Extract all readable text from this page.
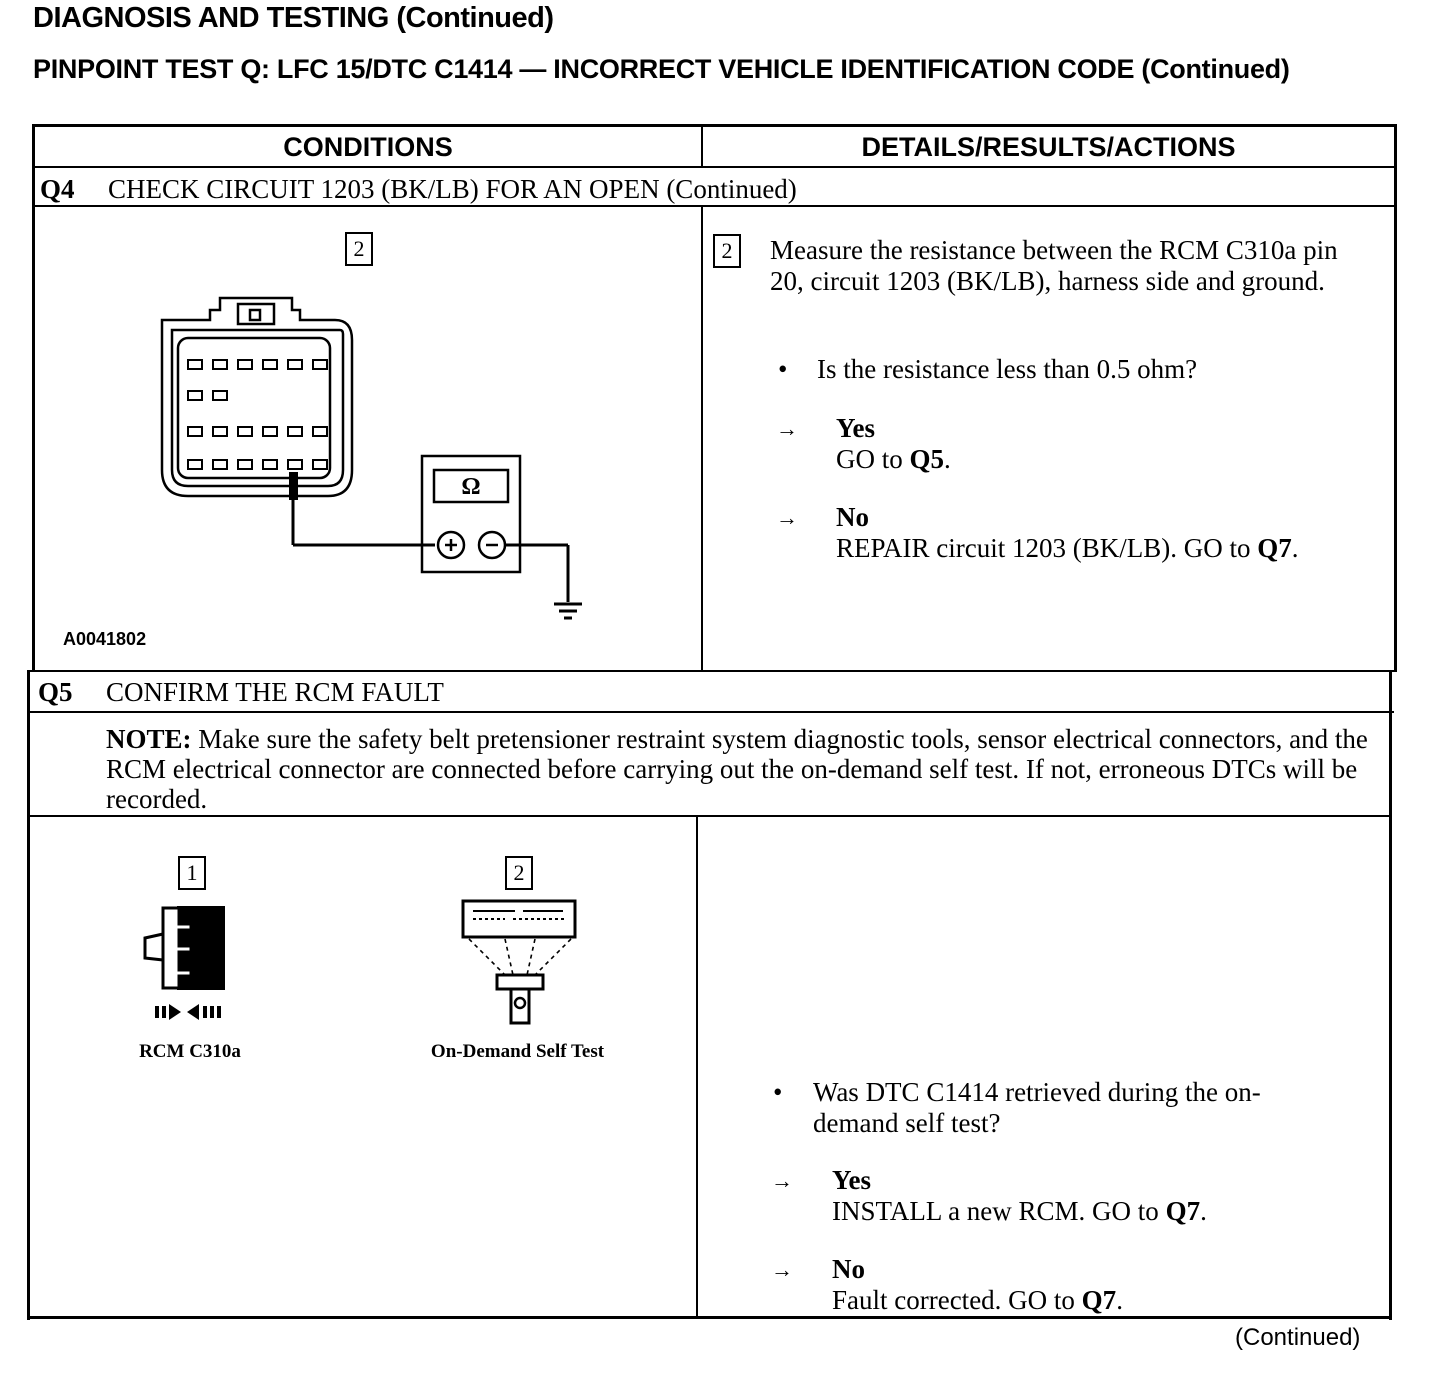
DIAGNOSIS AND TESTING (Continued)
PINPOINT TEST Q: LFC 15/DTC C1414 — INCORRECT VEHICLE IDENTIFICATION CODE (Continued)
CONDITIONS	DETAILS/RESULTS/ACTIONS
Q4 CHECK CIRCUIT 1203 (BK/LB) FOR AN OPEN (Continued)
2
Ω
A0041802
2	Measure the resistance between the RCM C310a pin 20, circuit 1203 (BK/LB), harness side and ground.
• Is the resistance less than 0.5 ohm?
→ Yes
GO to Q5.
→ No
REPAIR circuit 1203 (BK/LB). GO to Q7.
Q5 CONFIRM THE RCM FAULT
NOTE: Make sure the safety belt pretensioner restraint system diagnostic tools, sensor electrical connectors, and the RCM electrical connector are connected before carrying out the on-demand self test. If not, erroneous DTCs will be recorded.
1
RCM C310a
2
On-Demand Self Test
• Was DTC C1414 retrieved during the on-demand self test?
→ Yes
INSTALL a new RCM. GO to Q7.
→ No
Fault corrected. GO to Q7.
(Continued)
